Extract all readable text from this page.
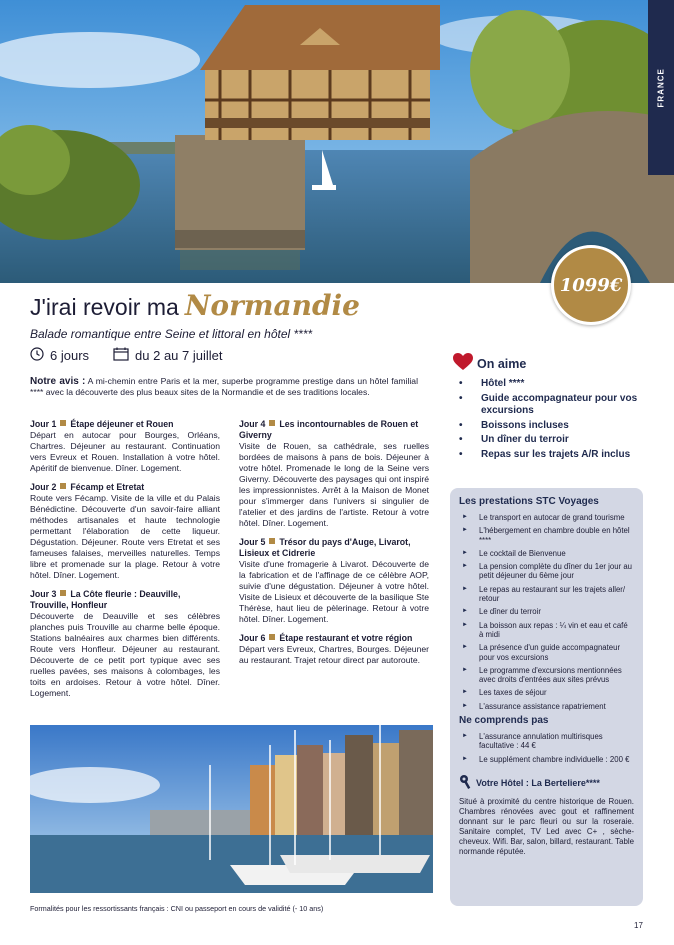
FRANCE
1099€
J'irai revoir ma Normandie
Balade romantique entre Seine et littoral en hôtel ****
6 jours	du 2 au 7 juillet
Notre avis : A mi-chemin entre Paris et la mer, superbe programme prestige dans un hôtel familial **** avec la découverte des plus beaux sites de la Normandie et de ses traditions locales.
Jour 1 Étape déjeuner et Rouen
Départ en autocar pour Bourges, Orléans, Chartres. Déjeuner au restaurant. Continuation vers Evreux et Rouen. Installation à votre hôtel. Apéritif de bienvenue. Dîner. Logement.
Jour 2 Fécamp et Etretat
Route vers Fécamp. Visite de la ville et du Palais Bénédictine. Découverte d'un savoir-faire alliant méthodes artisanales et haute technologie permettant l'élaboration de cette liqueur. Dégustation. Déjeuner. Route vers Etretat et ses fameuses falaises, merveilles naturelles. Temps libre et promenade sur la plage. Retour à votre hôtel. Dîner. Logement.
Jour 3 La Côte fleurie : Deauville, Trouville, Honfleur
Découverte de Deauville et ses célèbres planches puis Trouville au charme belle époque. Stations balnéaires aux charmes bien différents. Route vers Honfleur. Déjeuner au restaurant. Découverte de ce petit port typique avec ses ruelles pavées, ses maisons à colombages, les toits en ardoises. Retour à votre hôtel. Dîner. Logement.
Jour 4 Les incontournables de Rouen et Giverny
Visite de Rouen, sa cathédrale, ses ruelles bordées de maisons à pans de bois. Déjeuner à votre hôtel. Promenade le long de la Seine vers Giverny. Découverte des paysages qui ont inspiré les impressionnistes. Arrêt à la Maison de Monet pour s'immerger dans l'univers si singulier de l'atelier et des jardins de l'artiste. Retour à votre hôtel. Dîner. Logement.
Jour 5 Trésor du pays d'Auge, Livarot, Lisieux et Cidrerie
Visite d'une fromagerie à Livarot. Découverte de la fabrication et de l'affinage de ce célèbre AOP, suivie d'une dégustation. Déjeuner à votre hôtel. Visite de Lisieux et découverte de la basilique Ste Thérèse, haut lieu de pèlerinage. Retour à votre hôtel. Dîner. Logement.
Jour 6 Étape restaurant et votre région
Départ vers Evreux, Chartres, Bourges. Déjeuner au restaurant. Trajet retour direct par autoroute.
Formalités pour les ressortissants français : CNI ou passeport en cours de validité (- 10 ans)
17
On aime
• Hôtel ****
• Guide accompagnateur pour vos excursions
• Boissons incluses
• Un dîner du terroir
• Repas sur les trajets A/R inclus
Les prestations STC Voyages
► Le transport en autocar de grand tourisme
► L'hébergement en chambre double en hôtel ****
► Le cocktail de Bienvenue
► La pension complète du dîner du 1er jour au petit déjeuner du 6ème jour
► Le repas au restaurant sur les trajets aller/ retour
► Le dîner du terroir
► La boisson aux repas : ¼ vin et eau et café à midi
► La présence d'un guide accompagnateur pour vos excursions
► Le programme d'excursions mentionnées avec droits d'entrées aux sites prévus
► Les taxes de séjour
► L'assurance assistance rapatriement
Ne comprends pas
► L'assurance annulation multirisques facultative : 44 €
► Le supplément chambre individuelle : 200 €
Votre Hôtel : La Berteliere****
Situé à proximité du centre historique de Rouen. Chambres rénovées avec gout et raffinement donnant sur le parc fleuri ou sur la roseraie. Sanitaire complet, TV Led avec C+ , sèche-cheveux. Wifi. Bar, salon, billard, restaurant. Table normande réputée.
